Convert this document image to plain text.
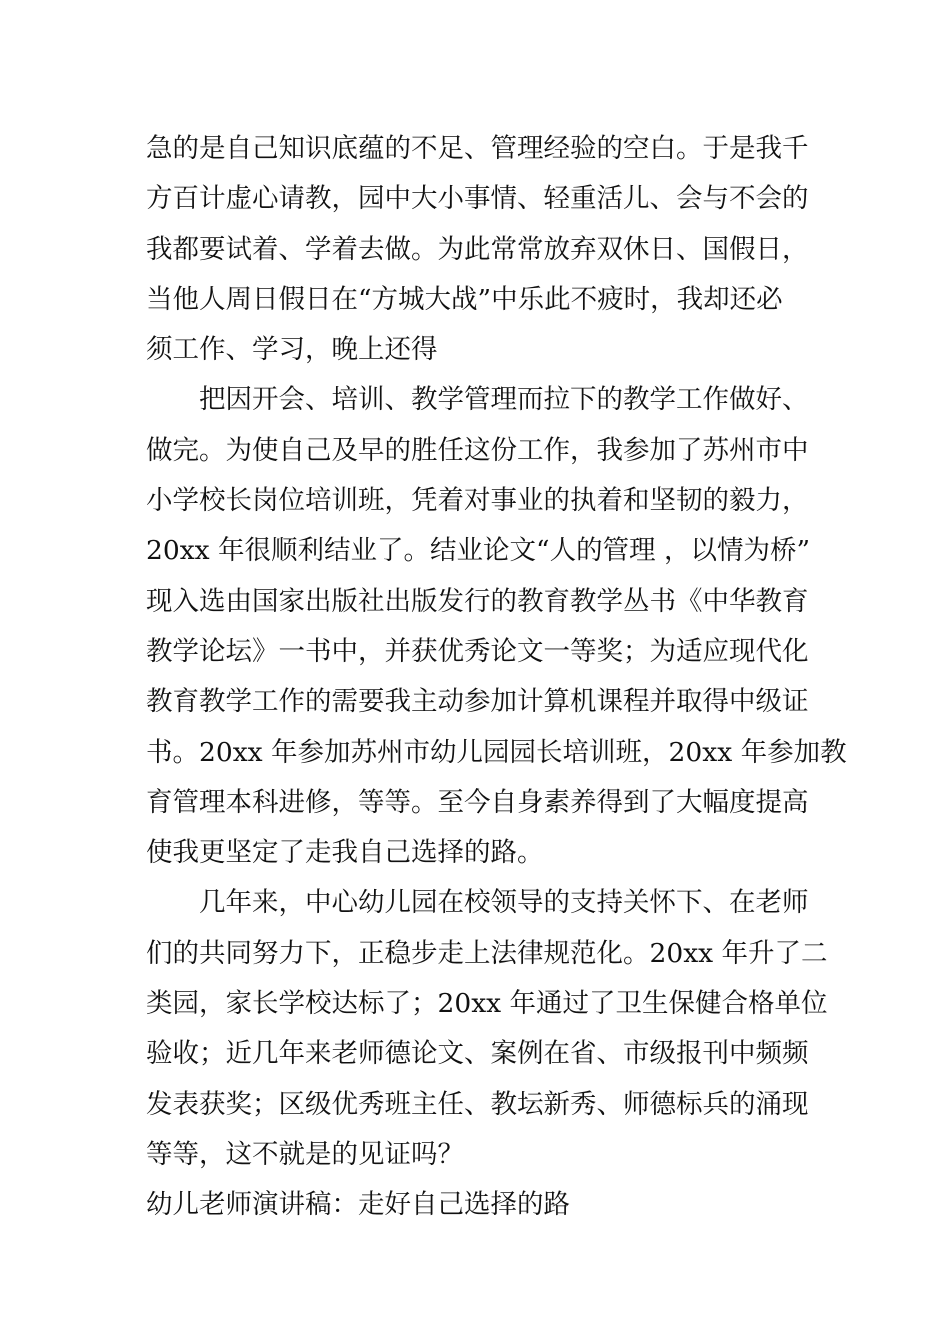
急的是自己知识底蕴的不足、管理经验的空白。于是我千
方百计虚心请教，园中大小事情、轻重活儿、会与不会的
我都要试着、学着去做。为此常常放弃双休日、国假日，
当他人周日假日在“方城大战”中乐此不疲时，我却还必
须工作、学习，晚上还得
把因开会、培训、教学管理而拉下的教学工作做好、
做完。为使自己及早的胜任这份工作，我参加了苏州市中
小学校长岗位培训班，凭着对事业的执着和坚韧的毅力，
20xx 年很顺利结业了。结业论文“人的管理 ，以情为桥”
现入选由国家出版社出版发行的教育教学丛书《中华教育
教学论坛》一书中，并获优秀论文一等奖；为适应现代化
教育教学工作的需要我主动参加计算机课程并取得中级证
书。20xx 年参加苏州市幼儿园园长培训班，20xx 年参加教
育管理本科进修，等等。至今自身素养得到了大幅度提高
使我更坚定了走我自己选择的路。
几年来，中心幼儿园在校领导的支持关怀下、在老师
们的共同努力下，正稳步走上法律规范化。20xx 年升了二
类园，家长学校达标了；20xx 年通过了卫生保健合格单位
验收；近几年来老师德论文、案例在省、市级报刊中频频
发表获奖；区级优秀班主任、教坛新秀、师德标兵的涌现
等等，这不就是的见证吗？
幼儿老师演讲稿：走好自己选择的路
